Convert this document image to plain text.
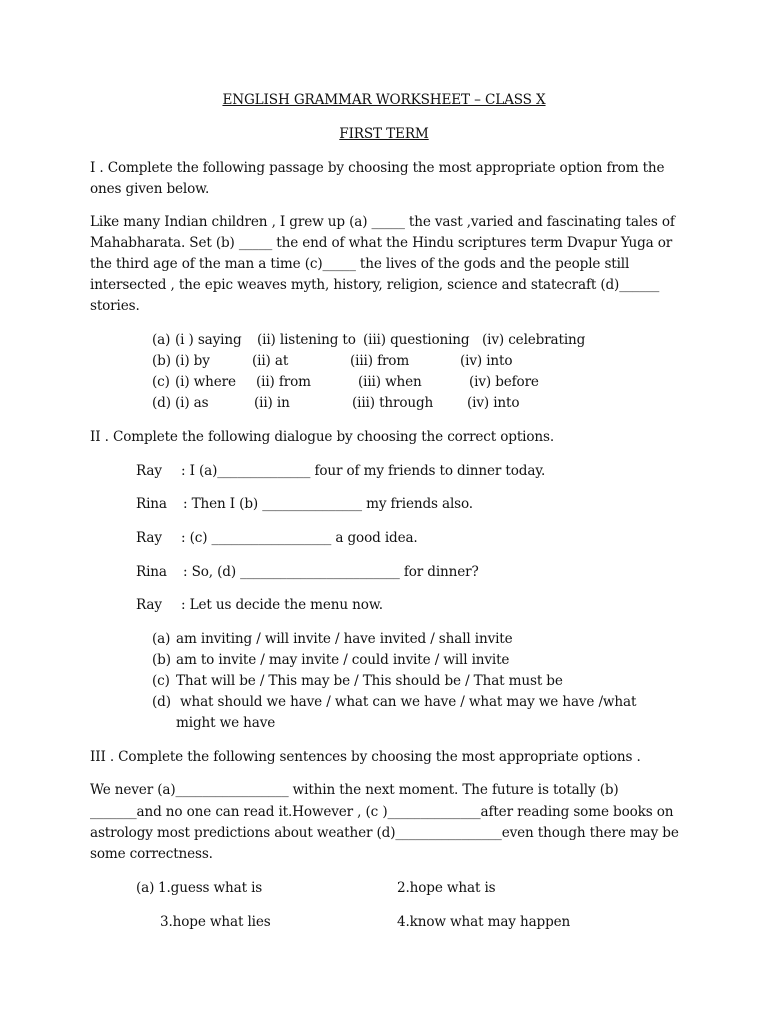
ENGLISH GRAMMAR WORKSHEET – CLASS X
FIRST TERM
I . Complete the following passage by choosing the most appropriate option from the
ones given below.
Like many Indian children , I grew up (a) _____ the vast ,varied and fascinating tales of
Mahabharata. Set (b) _____ the end of what the Hindu scriptures term Dvapur Yuga or
the third age of the man a time (c)_____ the lives of the gods and the people still
intersected , the epic weaves myth, history, religion, science and statecraft (d)______
stories.
(a) (i ) saying (ii) listening to (iii) questioning (iv) celebrating
(b) (i) by	(ii) at	(iii) from	(iv) into
(c) (i) where (ii) from	(iii) when	(iv) before
(d) (i) as	(ii) in	(iii) through (iv) into
II . Complete the following dialogue by choosing the correct options.
Ray : I (a)______________ four of my friends to dinner today.
Rina : Then I (b) _______________ my friends also.
Ray : (c) __________________ a good idea.
Rina : So, (d) ________________________ for dinner?
Ray : Let us decide the menu now.
(a) am inviting / will invite / have invited / shall invite
(b) am to invite / may invite / could invite / will invite
(c) That will be / This may be / This should be / That must be
(d) what should we have / what can we have / what may we have /what
might we have
III . Complete the following sentences by choosing the most appropriate options .
We never (a)_________________ within the next moment. The future is totally (b)
_______and no one can read it.However , (c )______________after reading some books on
astrology most predictions about weather (d)________________even though there may be
some correctness.
(a) 1.guess what is	2.hope what is
3.hope what lies	4.know what may happen
